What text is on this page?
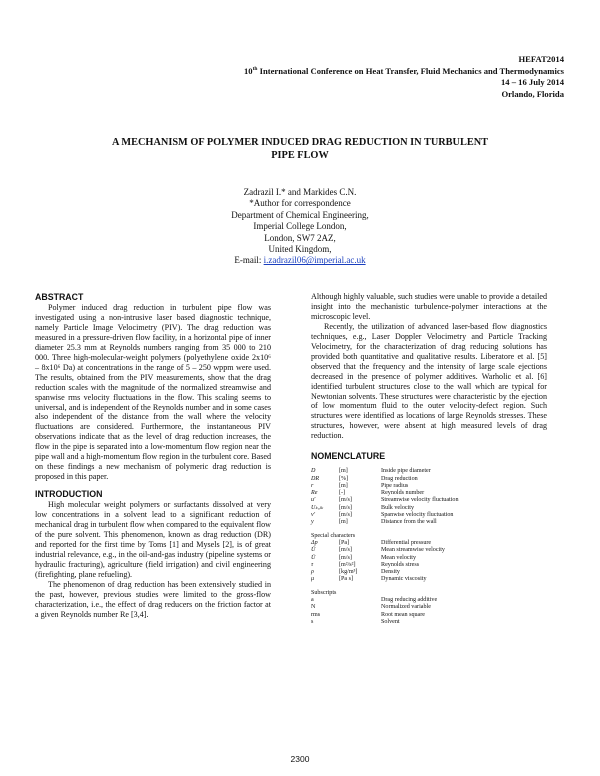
HEFAT2014
10th International Conference on Heat Transfer, Fluid Mechanics and Thermodynamics
14 – 16 July 2014
Orlando, Florida
A MECHANISM OF POLYMER INDUCED DRAG REDUCTION IN TURBULENT
PIPE FLOW
Zadrazil I.* and Markides C.N.
*Author for correspondence
Department of Chemical Engineering,
Imperial College London,
London, SW7 2AZ,
United Kingdom,
E-mail: i.zadrazil06@imperial.ac.uk
ABSTRACT

Polymer induced drag reduction in turbulent pipe flow was investigated using a non-intrusive laser based diagnostic technique, namely Particle Image Velocimetry (PIV). The drag reduction was measured in a pressure-driven flow facility, in a horizontal pipe of inner diameter 25.3 mm at Reynolds numbers ranging from 35 000 to 210 000. Three high-molecular-weight polymers (polyethylene oxide 2x10⁶ – 8x10⁶ Da) at concentrations in the range of 5 – 250 wppm were used. The results, obtained from the PIV measurements, show that the drag reduction scales with the magnitude of the normalized streamwise and spanwise rms velocity fluctuations in the flow. This scaling seems to universal, and is independent of the Reynolds number and in some cases also independent of the distance from the wall where the velocity fluctuations are considered. Furthermore, the instantaneous PIV observations indicate that as the level of drag reduction increases, the flow in the pipe is separated into a low-momentum flow region near the pipe wall and a high-momentum flow region in the turbulent core. Based on these findings a new mechanism of polymeric drag reduction is proposed in this paper.

INTRODUCTION

High molecular weight polymers or surfactants dissolved at very low concentrations in a solvent lead to a significant reduction of mechanical drag in turbulent flow when compared to the equivalent flow of the pure solvent. This phenomenon, known as drag reduction (DR) and reported for the first time by Toms [1] and Mysels [2], is of great industrial relevance, e.g., in the oil-and-gas industry (pipeline systems or hydraulic fracturing), agriculture (field irrigation) and civil engineering (firefighting, plane refueling).

The phenomenon of drag reduction has been extensively studied in the past, however, previous studies were limited to the gross-flow characterization, i.e., the effect of drag reducers on the friction factor at a given Reynolds number Re [3,4].

Although highly valuable, such studies were unable to provide a detailed insight into the mechanistic turbulence-polymer interactions at the microscopic level.

Recently, the utilization of advanced laser-based flow diagnostics techniques, e.g., Laser Doppler Velocimetry and Particle Tracking Velocimetry, for the characterization of drag reducing solutions has provided both quantitative and qualitative results. Liberatore et al. [5] observed that the frequency and the intensity of large scale ejections decreased in the presence of polymer additives. Warholic et al. [6] identified turbulent structures close to the wall which are typical for Newtonian solvents. These structures were characteristic by the ejection of low momentum fluid to the outer velocity-defect region. Such structures were identified as locations of large Reynolds stresses. These structures, however, were absent at high measured levels of drag reduction.

NOMENCLATURE
D	[m]	Inside pipe diameter
DR	[%]	Drag reduction
r	[m]	Pipe radius
Re	[-]	Reynolds number
u′	[m/s]	Streamwise velocity fluctuation
Uₖᵤₗₖ	[m/s]	Bulk velocity
v′	[m/s]	Spanwise velocity fluctuation
y	[m]	Distance from the wall
Special characters
Δp	[Pa]	Differential pressure
Ū	[m/s]	Mean streamwise velocity
Ū	[m/s]	Mean velocity
τ	[m²/s²]	Reynolds stress
ρ	[kg/m³]	Density
μ	[Pa s]	Dynamic viscosity
Subscripts
a	Drag reducing additive
N	Normalized variable
rms	Root mean square
s	Solvent
2300
